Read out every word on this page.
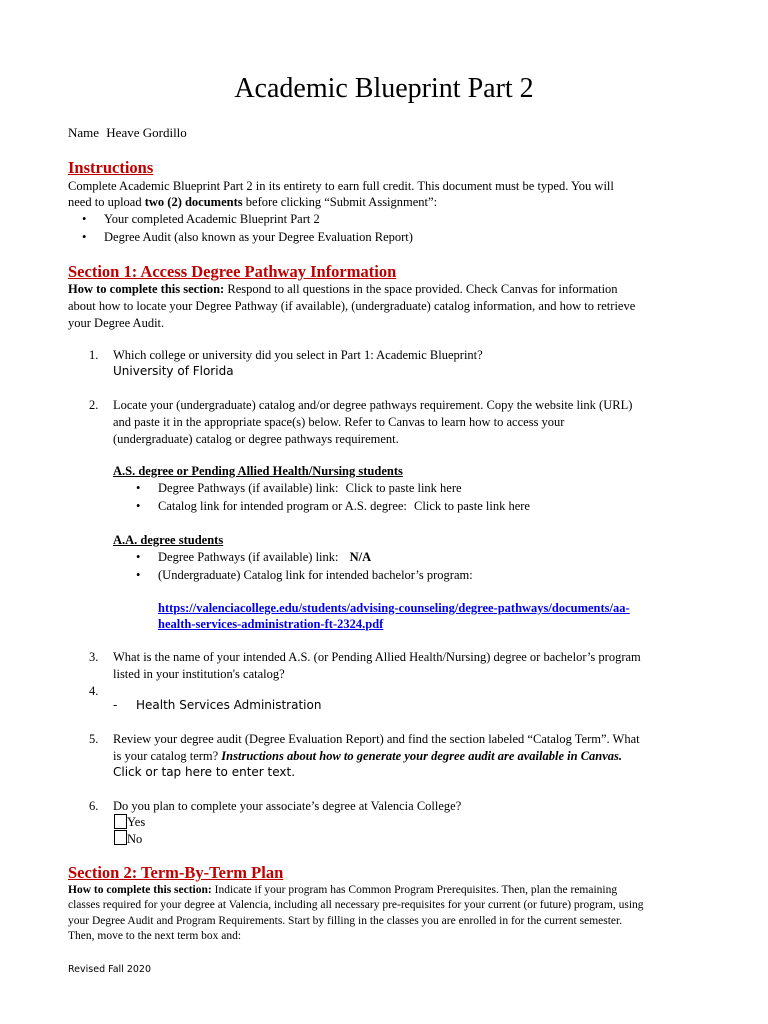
Academic Blueprint Part 2
Name Heave Gordillo
Instructions
Complete Academic Blueprint Part 2 in its entirety to earn full credit. This document must be typed. You will
need to upload two (2) documents before clicking “Submit Assignment”:
• Your completed Academic Blueprint Part 2
• Degree Audit (also known as your Degree Evaluation Report)
Section 1: Access Degree Pathway Information
How to complete this section: Respond to all questions in the space provided. Check Canvas for information
about how to locate your Degree Pathway (if available), (undergraduate) catalog information, and how to retrieve
your Degree Audit.
1. Which college or university did you select in Part 1: Academic Blueprint?
University of Florida
2. Locate your (undergraduate) catalog and/or degree pathways requirement. Copy the website link (URL)
and paste it in the appropriate space(s) below. Refer to Canvas to learn how to access your
(undergraduate) catalog or degree pathways requirement.
A.S. degree or Pending Allied Health/Nursing students
• Degree Pathways (if available) link: Click to paste link here
• Catalog link for intended program or A.S. degree: Click to paste link here
A.A. degree students
• Degree Pathways (if available) link: N/A
• (Undergraduate) Catalog link for intended bachelor’s program:
https://valenciacollege.edu/students/advising-counseling/degree-pathways/documents/aa-
health-services-administration-ft-2324.pdf
3. What is the name of your intended A.S. (or Pending Allied Health/Nursing) degree or bachelor’s program
listed in your institution's catalog?
4.
- Health Services Administration
5. Review your degree audit (Degree Evaluation Report) and find the section labeled “Catalog Term”. What
is your catalog term? Instructions about how to generate your degree audit are available in Canvas.
Click or tap here to enter text.
6. Do you plan to complete your associate’s degree at Valencia College?
Yes
No
Section 2: Term-By-Term Plan
How to complete this section: Indicate if your program has Common Program Prerequisites. Then, plan the remaining
classes required for your degree at Valencia, including all necessary pre-requisites for your current (or future) program, using
your Degree Audit and Program Requirements. Start by filling in the classes you are enrolled in for the current semester.
Then, move to the next term box and:
Revised Fall 2020
